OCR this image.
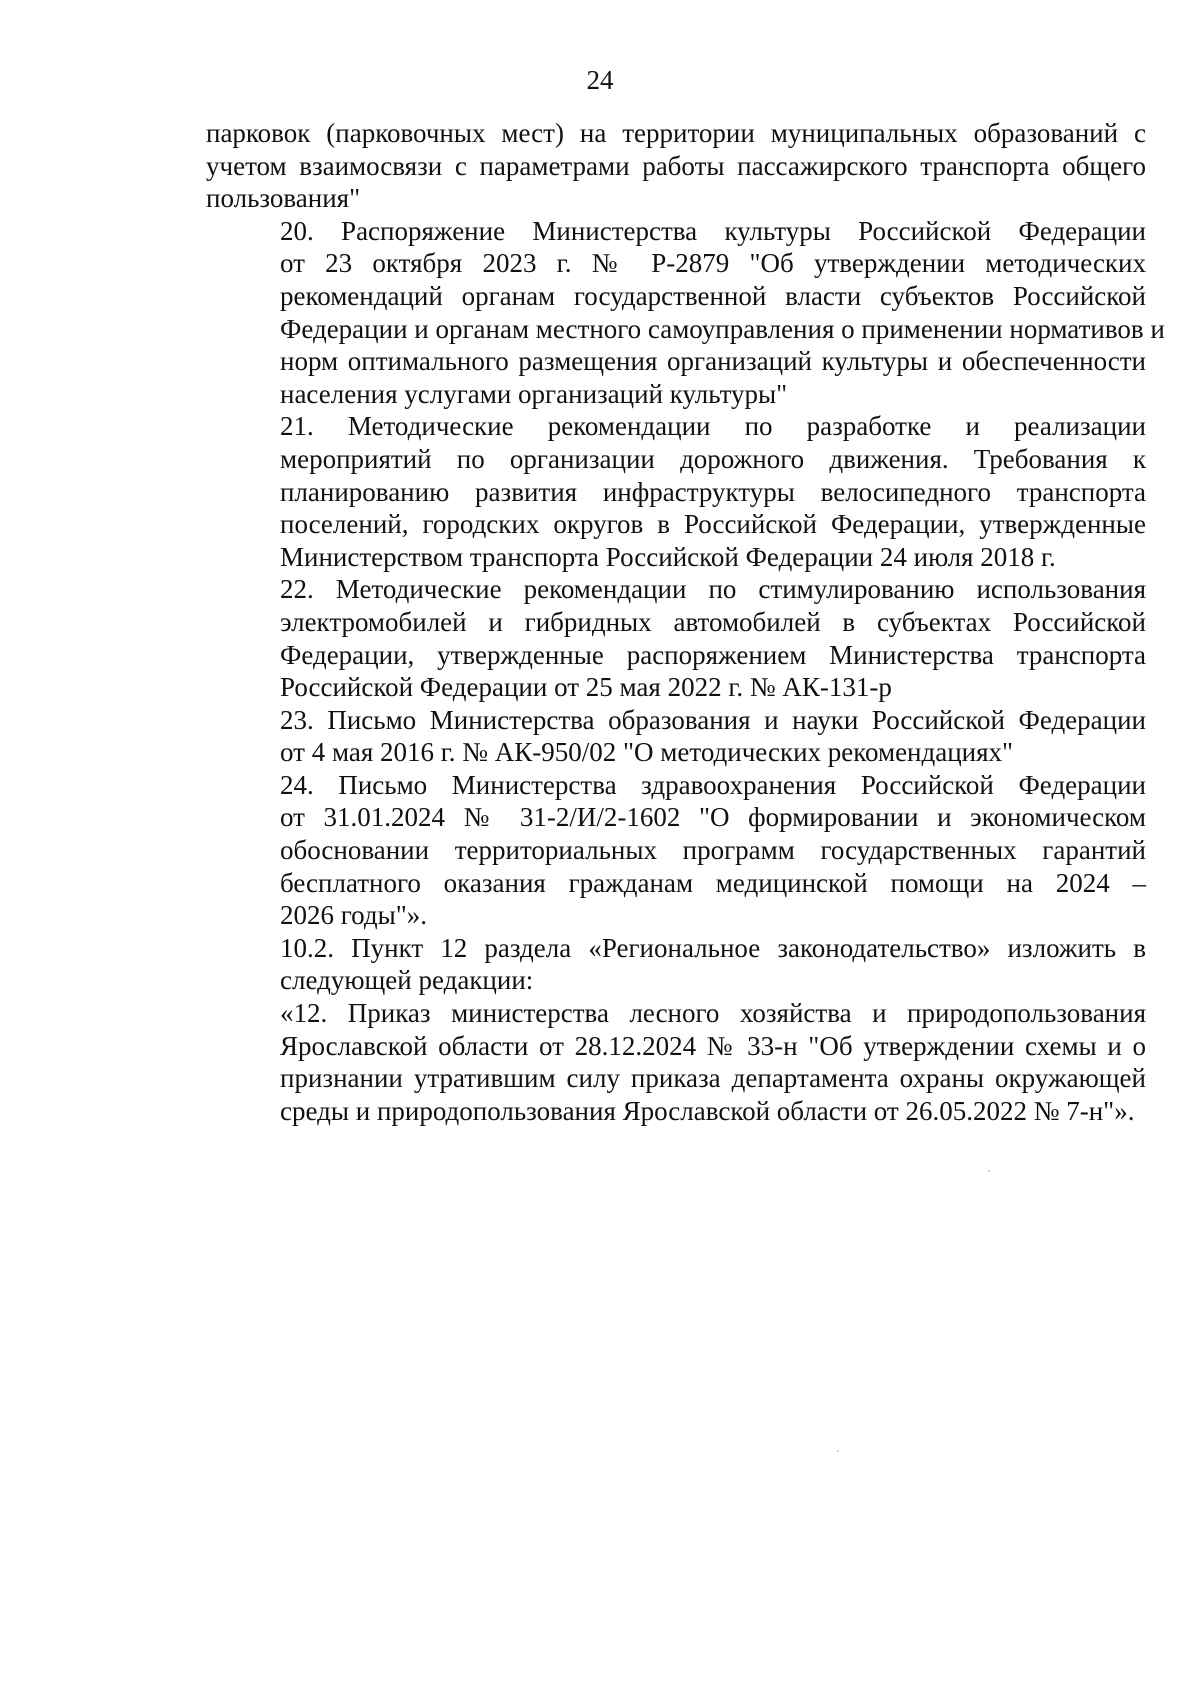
24

парковок (парковочных мест) на территории муниципальных образований с
учетом взаимосвязи с параметрами работы пассажирского транспорта общего
пользования"

20. Распоряжение Министерства культуры Российской Федерации
от 23 октября 2023 г. № Р-2879 "Об утверждении методических
рекомендаций органам государственной власти субъектов Российской
Федерации и органам местного самоуправления о применении нормативов и
норм оптимального размещения организаций культуры и обеспеченности
населения услугами организаций культуры"

21. Методические рекомендации по разработке и реализации
мероприятий по организации дорожного движения. Требования к
планированию развития инфраструктуры велосипедного транспорта
поселений, городских округов в Российской Федерации, утвержденные
Министерством транспорта Российской Федерации 24 июля 2018 г.

22. Методические рекомендации по стимулированию использования
электромобилей и гибридных автомобилей в субъектах Российской
Федерации, утвержденные распоряжением Министерства транспорта
Российской Федерации от 25 мая 2022 г. № АК-131-р

23. Письмо Министерства образования и науки Российской Федерации
от 4 мая 2016 г. № АК-950/02 "О методических рекомендациях"

24. Письмо Министерства здравоохранения Российской Федерации
от 31.01.2024 № 31-2/И/2-1602 "О формировании и экономическом
обосновании территориальных программ государственных гарантий
бесплатного оказания гражданам медицинской помощи на 2024 –
2026 годы"».

10.2. Пункт 12 раздела «Региональное законодательство» изложить в
следующей редакции:

«12. Приказ министерства лесного хозяйства и природопользования
Ярославской области от 28.12.2024 № 33-н "Об утверждении схемы и о
признании утратившим силу приказа департамента охраны окружающей
среды и природопользования Ярославской области от 26.05.2022 № 7-н"».
